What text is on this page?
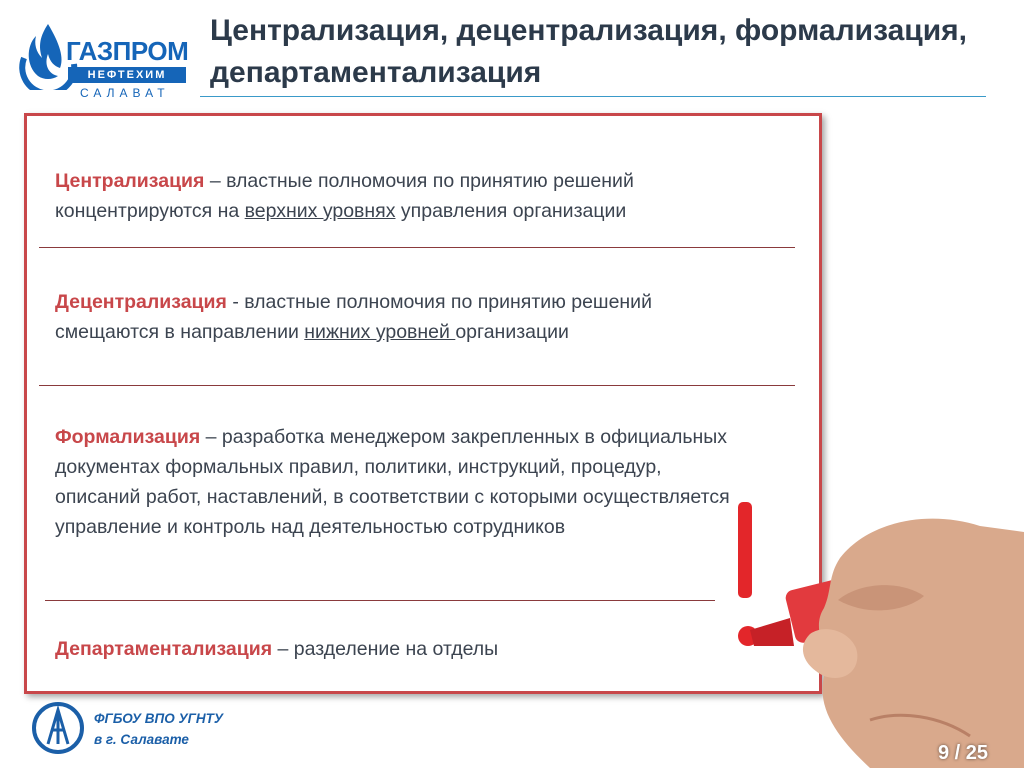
ГАЗПРОМ
НЕФТЕХИМ
САЛАВАТ
Централизация, децентрализация, формализация,
департаментализация
Централизация – властные полномочия по принятию решений
концентрируются на верхних уровнях управления организации
Децентрализация - властные полномочия по принятию решений
смещаются в направлении нижних уровней организации
Формализация – разработка менеджером закрепленных в официальных
документах формальных правил, политики, инструкций, процедур,
описаний работ, наставлений, в соответствии с которыми осуществляется
управление и контроль над деятельностью сотрудников
Департаментализация – разделение на отделы
ФГБОУ ВПО УГНТУ
в г. Салавате
9 / 25
